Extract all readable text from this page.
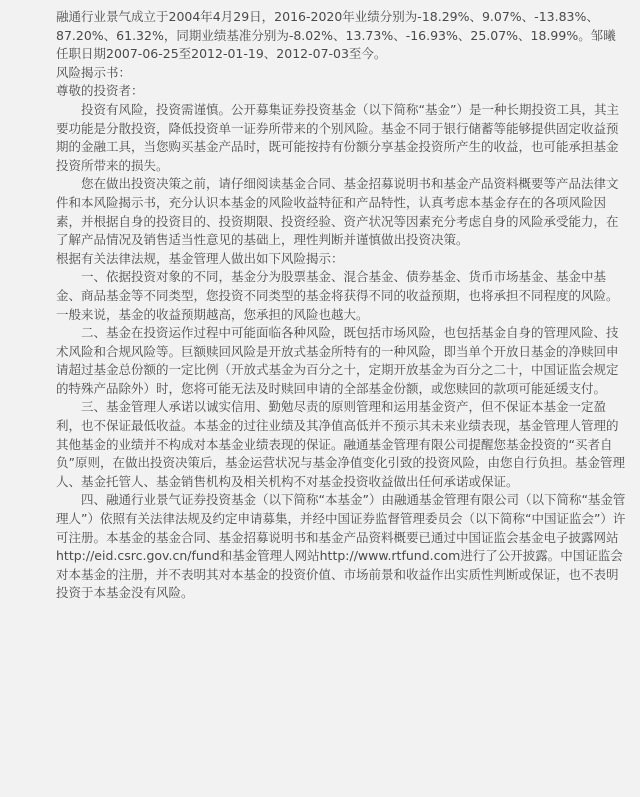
融通行业景气成立于2004年4月29日，2016-2020年业绩分别为-18.29%、9.07%、-13.83%、87.20%、61.32%，同期业绩基准分别为-8.02%、13.73%、-16.93%、25.07%、18.99%。邹曦任职日期2007-06-25至2012-01-19、2012-07-03至今。

风险揭示书：

尊敬的投资者：

投资有风险，投资需谨慎。公开募集证券投资基金（以下简称“基金”）是一种长期投资工具，其主要功能是分散投资，降低投资单一证券所带来的个别风险。基金不同于银行储蓄等能够提供固定收益预期的金融工具，当您购买基金产品时，既可能按持有份额分享基金投资所产生的收益，也可能承担基金投资所带来的损失。

您在做出投资决策之前，请仔细阅读基金合同、基金招募说明书和基金产品资料概要等产品法律文件和本风险揭示书，充分认识本基金的风险收益特征和产品特性，认真考虑本基金存在的各项风险因素，并根据自身的投资目的、投资期限、投资经验、资产状况等因素充分考虑自身的风险承受能力，在了解产品情况及销售适当性意见的基础上，理性判断并谨慎做出投资决策。

根据有关法律法规，基金管理人做出如下风险揭示：

一、依据投资对象的不同，基金分为股票基金、混合基金、债券基金、货币市场基金、基金中基金、商品基金等不同类型，您投资不同类型的基金将获得不同的收益预期，也将承担不同程度的风险。一般来说，基金的收益预期越高，您承担的风险也越大。

二、基金在投资运作过程中可能面临各种风险，既包括市场风险，也包括基金自身的管理风险、技术风险和合规风险等。巨额赎回风险是开放式基金所特有的一种风险，即当单个开放日基金的净赎回申请超过基金总份额的一定比例（开放式基金为百分之十，定期开放基金为百分之二十，中国证监会规定的特殊产品除外）时，您将可能无法及时赎回申请的全部基金份额，或您赎回的款项可能延缓支付。

三、基金管理人承诺以诚实信用、勤勉尽责的原则管理和运用基金资产，但不保证本基金一定盈利，也不保证最低收益。本基金的过往业绩及其净值高低并不预示其未来业绩表现，基金管理人管理的其他基金的业绩并不构成对本基金业绩表现的保证。融通基金管理有限公司提醒您基金投资的“买者自负”原则，在做出投资决策后，基金运营状况与基金净值变化引致的投资风险，由您自行负担。基金管理人、基金托管人、基金销售机构及相关机构不对基金投资收益做出任何承诺或保证。

四、融通行业景气证券投资基金（以下简称“本基金”）由融通基金管理有限公司（以下简称“基金管理人”）依照有关法律法规及约定申请募集，并经中国证券监督管理委员会（以下简称“中国证监会”）许可注册。本基金的基金合同、基金招募说明书和基金产品资料概要已通过中国证监会基金电子披露网站http://eid.csrc.gov.cn/fund和基金管理人网站http://www.rtfund.com进行了公开披露。中国证监会对本基金的注册，并不表明其对本基金的投资价值、市场前景和收益作出实质性判断或保证，也不表明投资于本基金没有风险。
